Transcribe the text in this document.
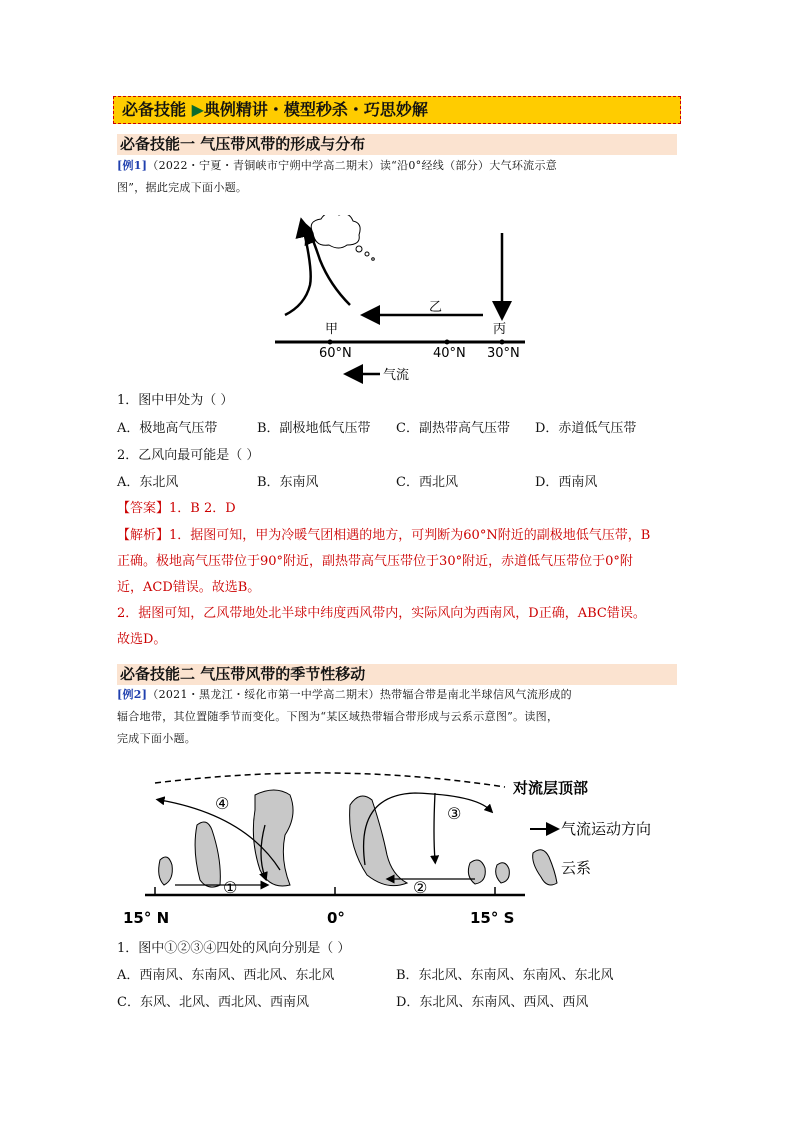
必备技能 ▶典例精讲・模型秒杀・巧思妙解
必备技能一 气压带风带的形成与分布
[例1]（2022・宁夏・青铜峡市宁朔中学高二期末）读“沿0°经线（部分）大气环流示意
图”，据此完成下面小题。
甲
乙
丙
60°N	40°N 30°N
气流
1．图中甲处为（ ）
A．极地高气压带	B．副极地低气压带 C．副热带高气压带 D．赤道低气压带
2．乙风向最可能是（ ）
A．东北风	B．东南风	C．西北风	D．西南风
【答案】1．B 2．D
【解析】1．据图可知，甲为冷暖气团相遇的地方，可判断为60°N附近的副极地低气压带，B
正确。极地高气压带位于90°附近，副热带高气压带位于30°附近，赤道低气压带位于0°附
近，ACD错误。故选B。
2．据图可知，乙风带地处北半球中纬度西风带内，实际风向为西南风，D正确，ABC错误。
故选D。
必备技能二 气压带风带的季节性移动
[例2]（2021・黑龙江・绥化市第一中学高二期末）热带辐合带是南北半球信风气流形成的
辐合地带，其位置随季节而变化。下图为“某区域热带辐合带形成与云系示意图”。读图，
完成下面小题。
对流层顶部
④
③
①	②
气流运动方向
云系
15° N	0°	15° S
1．图中①②③④四处的风向分别是（ ）
A．西南风、东南风、西北风、东北风	B．东北风、东南风、东南风、东北风
C．东风、北风、西北风、西南风	D．东北风、东南风、西风、西风
